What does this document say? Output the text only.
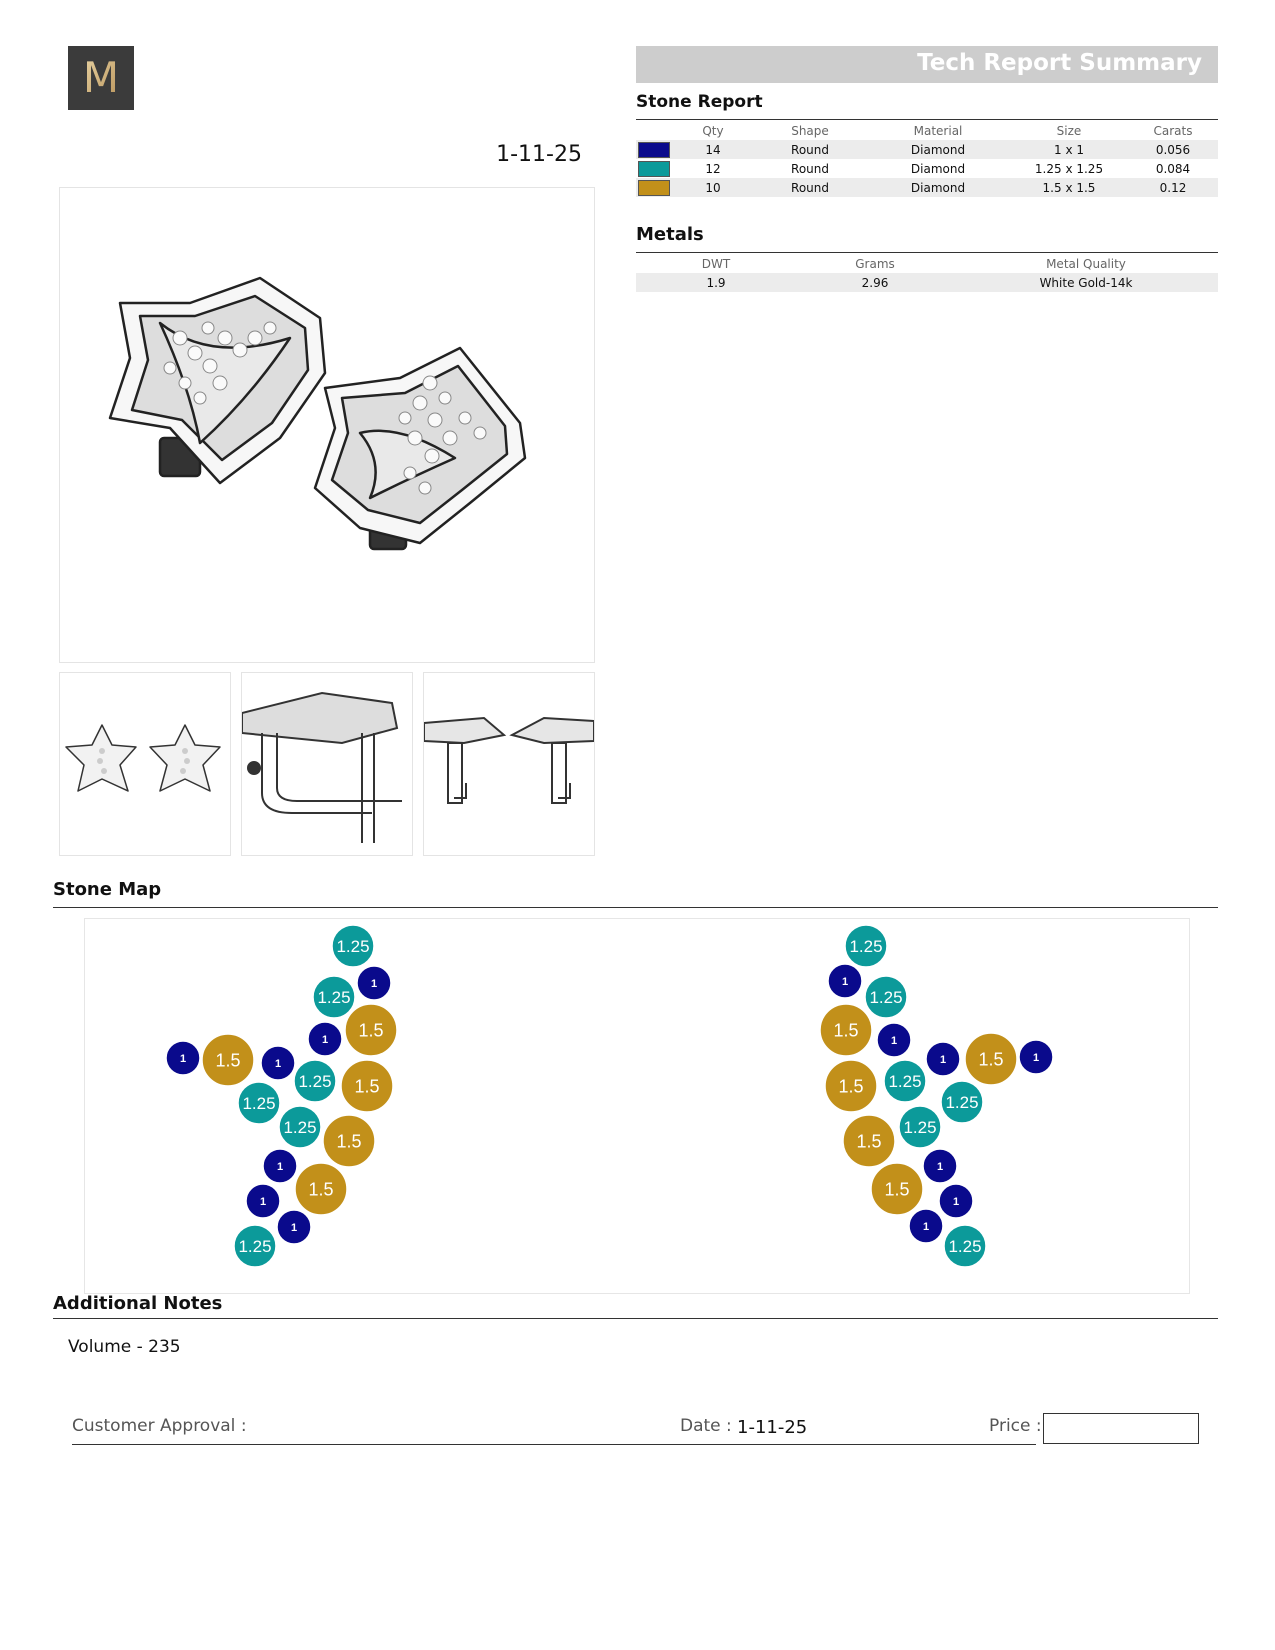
M
1-11-25
Tech Report Summary
Stone Report
	Qty	Shape	Material	Size	Carats
	14	Round	Diamond	1 x 1	0.056
	12	Round	Diamond	1.25 x 1.25	0.084
	10	Round	Diamond	1.5 x 1.5	0.12
Metals
DWT	Grams	Metal Quality
1.9	2.96	White Gold-14k
Stone Map
1.25
1
1.25
1.5
1
1 1.5	1
1.25 1.5
1.25
1.25
1.5
1
1.5
1
1
1.25
1.25
1
1.25
1.5
1
1 1.5	1
1.25
1.25
1.5
1.25
1.5
1
1.5
1
1
1.25
Additional Notes
Volume - 235
Customer Approval :	Date : 1-11-25	Price :
